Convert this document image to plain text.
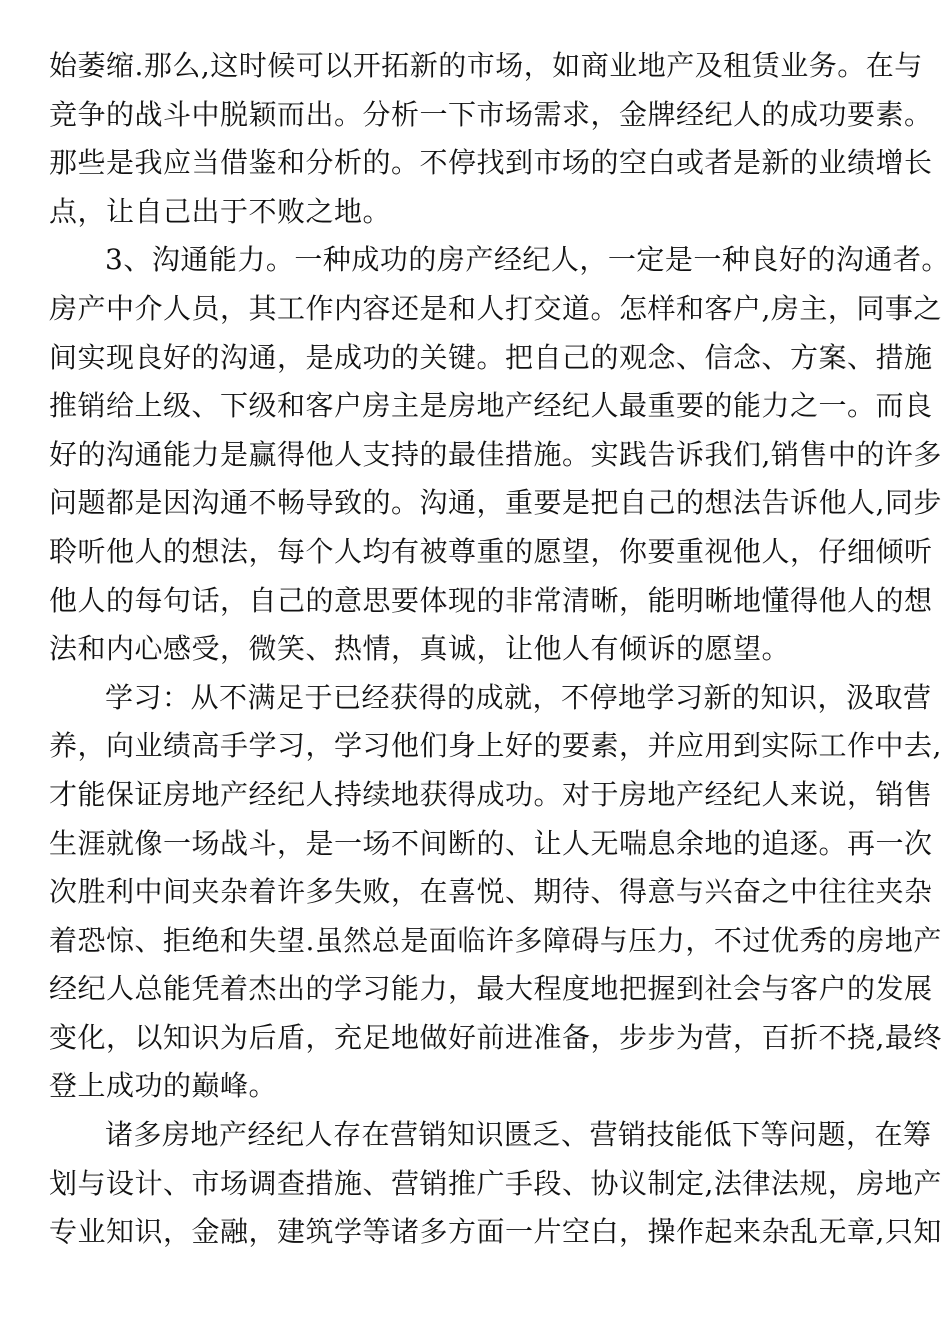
始萎缩.那么,这时候可以开拓新的市场，如商业地产及租赁业务。在与
竞争的战斗中脱颖而出。分析一下市场需求，金牌经纪人的成功要素。
那些是我应当借鉴和分析的。不停找到市场的空白或者是新的业绩增长
点，让自己出于不败之地。
3、沟通能力。一种成功的房产经纪人，一定是一种良好的沟通者。
房产中介人员，其工作内容还是和人打交道。怎样和客户,房主，同事之
间实现良好的沟通，是成功的关键。把自己的观念、信念、方案、措施
推销给上级、下级和客户房主是房地产经纪人最重要的能力之一。而良
好的沟通能力是赢得他人支持的最佳措施。实践告诉我们,销售中的许多
问题都是因沟通不畅导致的。沟通，重要是把自己的想法告诉他人,同步
聆听他人的想法，每个人均有被尊重的愿望，你要重视他人，仔细倾听
他人的每句话，自己的意思要体现的非常清晰，能明晰地懂得他人的想
法和内心感受，微笑、热情，真诚，让他人有倾诉的愿望。
学习：从不满足于已经获得的成就，不停地学习新的知识，汲取营
养，向业绩高手学习，学习他们身上好的要素，并应用到实际工作中去,
才能保证房地产经纪人持续地获得成功。对于房地产经纪人来说，销售
生涯就像一场战斗，是一场不间断的、让人无喘息余地的追逐。再一次
次胜利中间夹杂着许多失败，在喜悦、期待、得意与兴奋之中往往夹杂
着恐惊、拒绝和失望.虽然总是面临许多障碍与压力，不过优秀的房地产
经纪人总能凭着杰出的学习能力，最大程度地把握到社会与客户的发展
变化，以知识为后盾，充足地做好前进准备，步步为营，百折不挠,最终
登上成功的巅峰。
诸多房地产经纪人存在营销知识匮乏、营销技能低下等问题，在筹
划与设计、市场调查措施、营销推广手段、协议制定,法律法规，房地产
专业知识，金融，建筑学等诸多方面一片空白，操作起来杂乱无章,只知
